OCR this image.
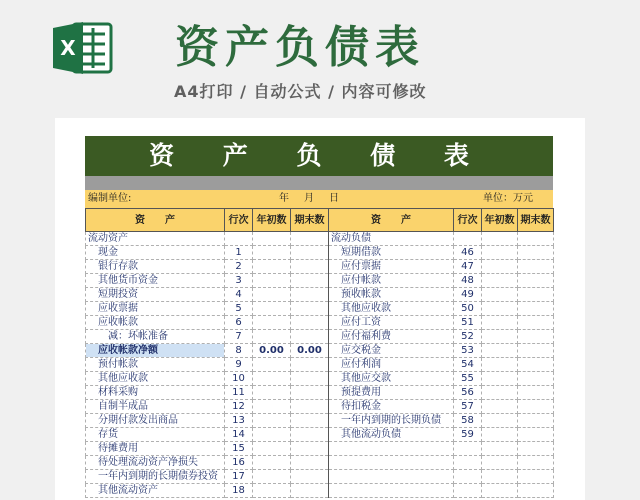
X 资产负债表
A4打印 / 自动公式 / 内容可修改
资 产 负 债 表
编制单位:	年 月 日	单位：万元
资　　产	行次	年初数	期末数	资　　产	行次	年初数	期末数
流动资产				流动负债			
现金	1			短期借款	46		
银行存款	2			应付票据	47		
其他货币资金	3			应付帐款	48		
短期投资	4			预收帐款	49		
应收票据	5			其他应收款	50		
应收帐款	6			应付工资	51		
减：坏帐准备	7			应付福利费	52		
应收帐款净额	8	0.00	0.00	应交税金	53		
预付帐款	9			应付利润	54		
其他应收款	10			其他应交款	55		
材料采购	11			预提费用	56		
自制半成品	12			待扣税金	57		
分期付款发出商品	13			一年内到期的长期负债	58		
存货	14			其他流动负债	59		
待摊费用	15						
待处理流动资产净损失	16						
一年内到期的长期债券投资	17						
其他流动资产	18						
